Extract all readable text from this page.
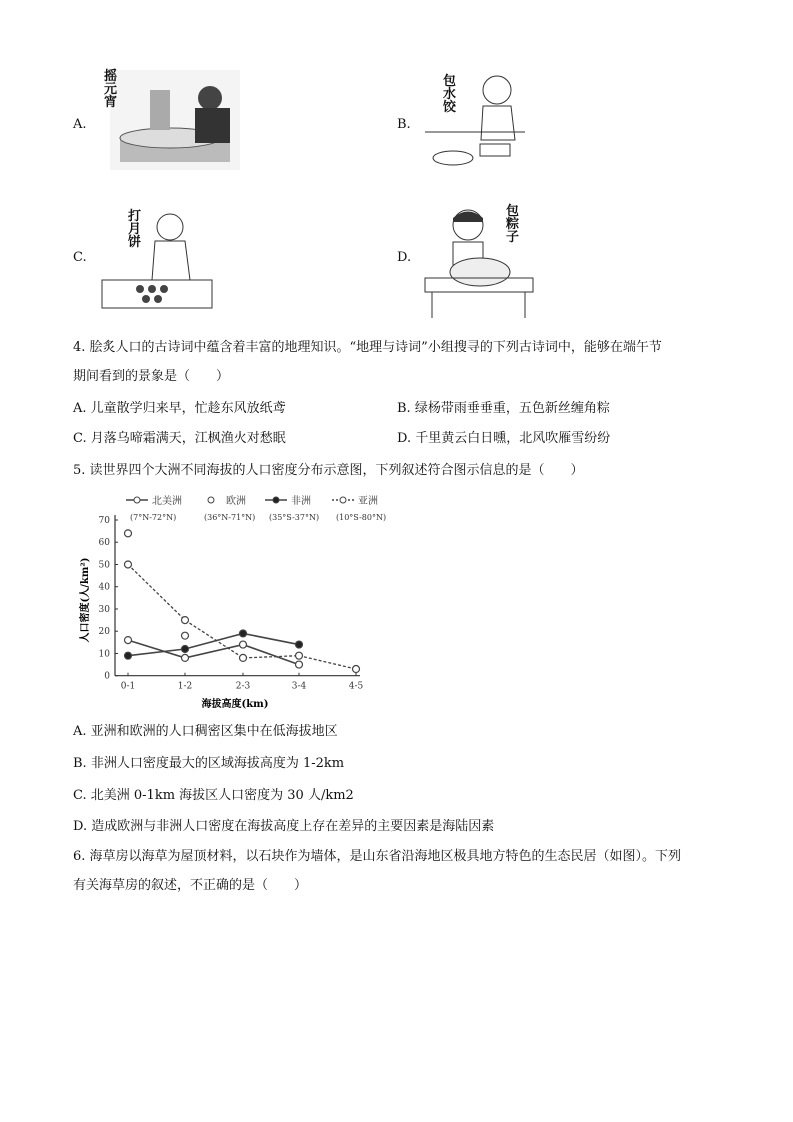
A.
摇元宵
B.
包水饺
C.
打月饼
D.
包粽子
4. 脍炙人口的古诗词中蕴含着丰富的地理知识。“地理与诗词”小组搜寻的下列古诗词中，能够在端午节
期间看到的景象是（　　）
A. 儿童散学归来早，忙趁东风放纸鸢	B. 绿杨带雨垂垂重，五色新丝缠角粽
C. 月落乌啼霜满天，江枫渔火对愁眠	D. 千里黄云白日曛，北风吹雁雪纷纷
5. 读世界四个大洲不同海拔的人口密度分布示意图，下列叙述符合图示信息的是（　　）
北美洲
(7°N-72°N)
欧洲
(36°N-71°N)
非洲
(35°S-37°N)
亚洲
(10°S-80°N)
0
10
20
30
40
50
60
70
0-1	1-2	2-3	3-4	4-5
海拔高度(km)
人口密度(人/km²)
A. 亚洲和欧洲的人口稠密区集中在低海拔地区
B. 非洲人口密度最大的区域海拔高度为 1-2km
C. 北美洲 0-1km 海拔区人口密度为 30 人/km2
D. 造成欧洲与非洲人口密度在海拔高度上存在差异的主要因素是海陆因素
6. 海草房以海草为屋顶材料，以石块作为墙体，是山东省沿海地区极具地方特色的生态民居（如图）。下列
有关海草房的叙述，不正确的是（　　）
